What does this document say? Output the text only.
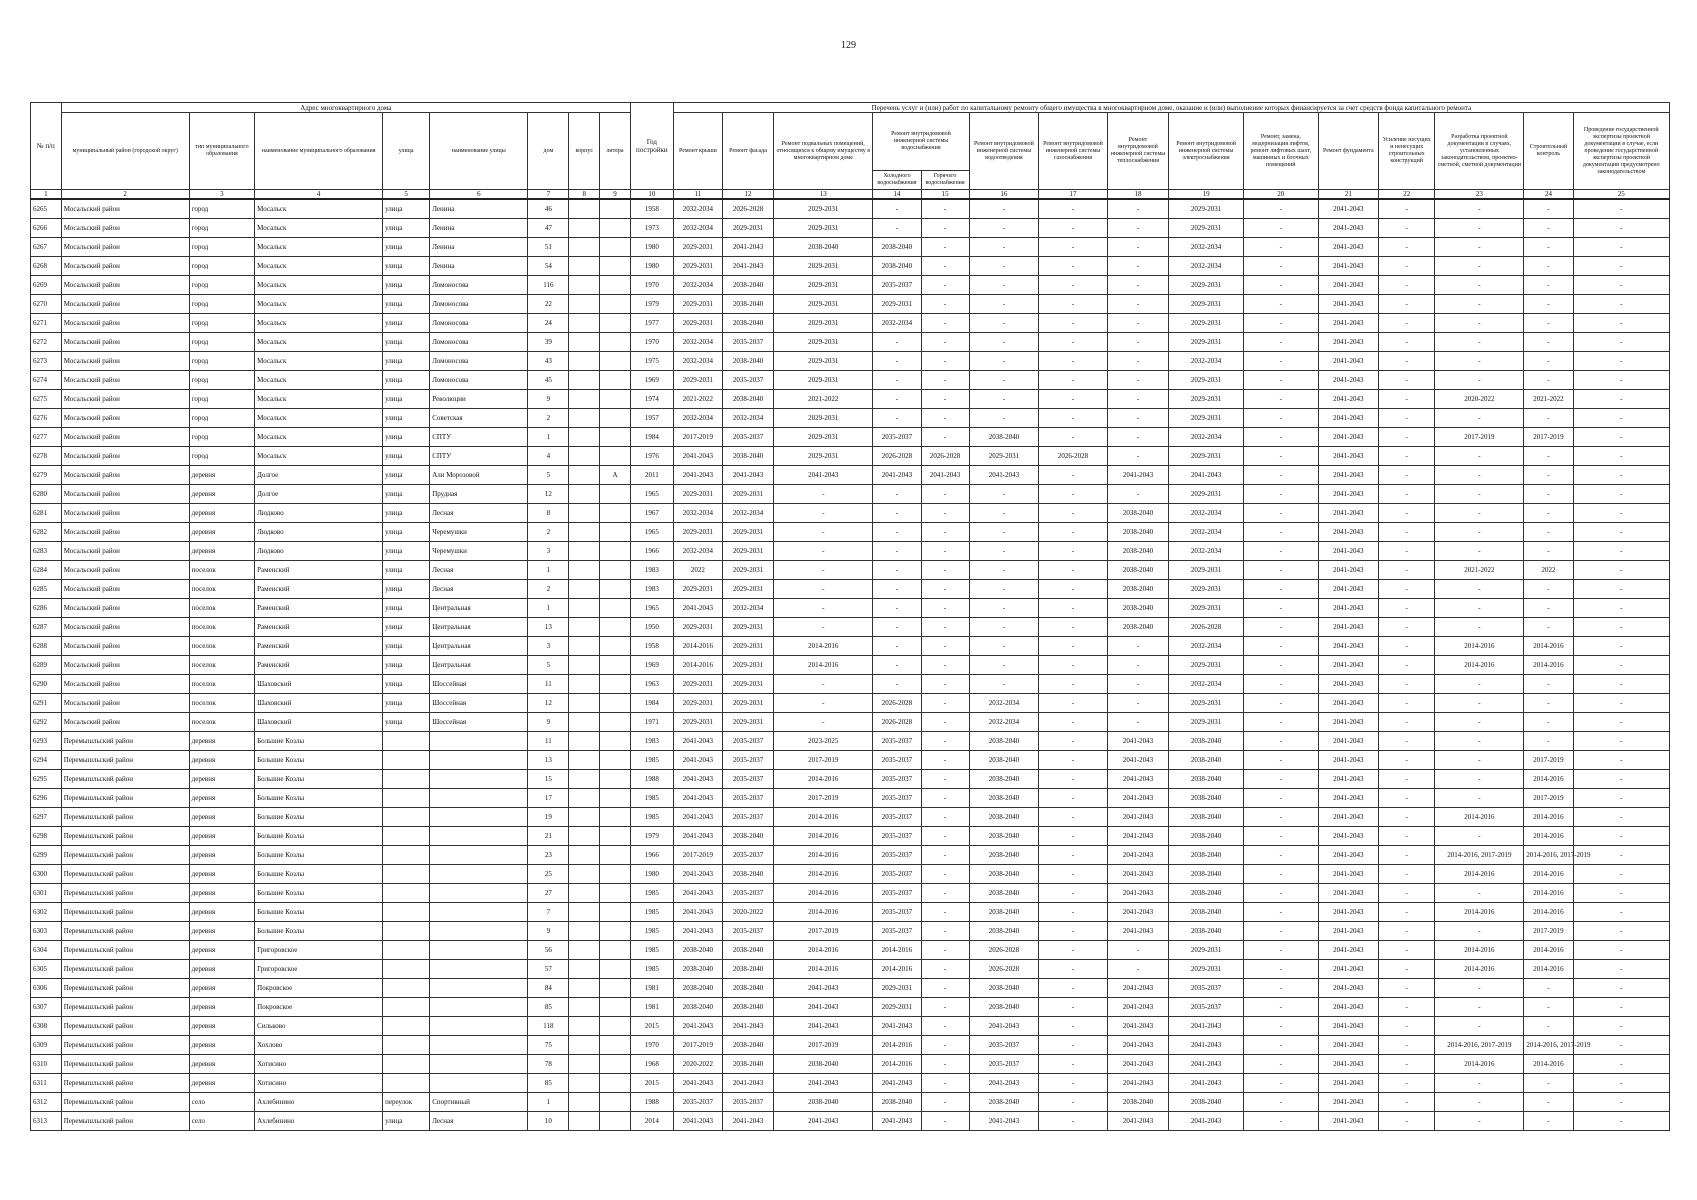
129
№ п/п	Адрес многоквартирного дома								Год постройки	Перечень услуг и (или) работ по капитальному ремонту общего имущества в многоквартирном доме, оказание и (или) выполнение которых финансируется за счет средств фонда капитального ремонта														
	муниципальный район (городской округ)	тип муниципального образования	наименование муниципального образования	улица	наименование улицы	дом	корпус	литера		Ремонт крыши	Ремонт фасада	Ремонт подвальных помещений, относящихся к общему имуществу в многоквартирном доме	Ремонт внутридомовой инженерной системы водоснабжения		Ремонт внутридомовой инженерной системы водоотведения	Ремонт внутридомовой инженерной системы газоснабжения	Ремонт внутридомовой инженерной системы теплоснабжения	Ремонт внутридомовой инженерной системы электроснабжения	Ремонт, замена, модернизация лифтов, ремонт лифтовых шахт, машинных и блочных помещений	Ремонт фундамента	Усиление несущих и ненесущих строительных конструкций	Разработка проектной документации в случаях, установленных законодательством, проектно-сметной, сметной документации	Строительный контроль	Проведение государственной экспертизы проектной документации в случае, если проведение государственной экспертизы проектной документации предусмотрено законодательством
													Холодного водоснабжения	Горячего водоснабжения										
1	2	3	4	5	6	7	8	9	10	11	12	13	14	15	16	17	18	19	20	21	22	23	24	25
6265	Мосальский район	город	Мосальск	улица	Ленина	46			1958	2032-2034	2026-2028	2029-2031	-	-	-	-	-	2029-2031	-	2041-2043	-	-	-	-
6266	Мосальский район	город	Мосальск	улица	Ленина	47			1973	2032-2034	2029-2031	2029-2031	-	-	-	-	-	2029-2031	-	2041-2043	-	-	-	-
6267	Мосальский район	город	Мосальск	улица	Ленина	51			1980	2029-2031	2041-2043	2038-2040	2038-2040	-	-	-	-	2032-2034	-	2041-2043	-	-	-	-
6268	Мосальский район	город	Мосальск	улица	Ленина	54			1980	2029-2031	2041-2043	2029-2031	2038-2040	-	-	-	-	2032-2034	-	2041-2043	-	-	-	-
6269	Мосальский район	город	Мосальск	улица	Ломоносова	116			1970	2032-2034	2038-2040	2029-2031	2035-2037	-	-	-	-	2029-2031	-	2041-2043	-	-	-	-
6270	Мосальский район	город	Мосальск	улица	Ломоносова	22			1979	2029-2031	2038-2040	2029-2031	2029-2031	-	-	-	-	2029-2031	-	2041-2043	-	-	-	-
6271	Мосальский район	город	Мосальск	улица	Ломоносова	24			1977	2029-2031	2038-2040	2029-2031	2032-2034	-	-	-	-	2029-2031	-	2041-2043	-	-	-	-
6272	Мосальский район	город	Мосальск	улица	Ломоносова	39			1970	2032-2034	2035-2037	2029-2031	-	-	-	-	-	2029-2031	-	2041-2043	-	-	-	-
6273	Мосальский район	город	Мосальск	улица	Ломоносова	43			1975	2032-2034	2038-2040	2029-2031	-	-	-	-	-	2032-2034	-	2041-2043	-	-	-	-
6274	Мосальский район	город	Мосальск	улица	Ломоносова	45			1969	2029-2031	2035-2037	2029-2031	-	-	-	-	-	2029-2031	-	2041-2043	-	-	-	-
6275	Мосальский район	город	Мосальск	улица	Революции	9			1974	2021-2022	2038-2040	2021-2022	-	-	-	-	-	2029-2031	-	2041-2043	-	2020-2022	2021-2022	-
6276	Мосальский район	город	Мосальск	улица	Советская	2			1957	2032-2034	2032-2034	2029-2031	-	-	-	-	-	2029-2031	-	2041-2043	-	-	-	-
6277	Мосальский район	город	Мосальск	улица	СПТУ	1			1984	2017-2019	2035-2037	2029-2031	2035-2037	-	2038-2040	-	-	2032-2034	-	2041-2043	-	2017-2019	2017-2019	-
6278	Мосальский район	город	Мосальск	улица	СПТУ	4			1976	2041-2043	2038-2040	2029-2031	2026-2028	2026-2028	2029-2031	2026-2028	-	2029-2031	-	2041-2043	-	-	-	-
6279	Мосальский район	деревня	Долгое	улица	Али Морозовой	5		А	2011	2041-2043	2041-2043	2041-2043	2041-2043	2041-2043	2041-2043	-	2041-2043	2041-2043	-	2041-2043	-	-	-	-
6280	Мосальский район	деревня	Долгое	улица	Прудная	12			1965	2029-2031	2029-2031	-	-	-	-	-	-	2029-2031	-	2041-2043	-	-	-	-
6281	Мосальский район	деревня	Людково	улица	Лесная	8			1967	2032-2034	2032-2034	-	-	-	-	-	2038-2040	2032-2034	-	2041-2043	-	-	-	-
6282	Мосальский район	деревня	Людково	улица	Черемушки	2			1965	2029-2031	2029-2031	-	-	-	-	-	2038-2040	2032-2034	-	2041-2043	-	-	-	-
6283	Мосальский район	деревня	Людково	улица	Черемушки	3			1966	2032-2034	2029-2031	-	-	-	-	-	2038-2040	2032-2034	-	2041-2043	-	-	-	-
6284	Мосальский район	поселок	Раменский	улица	Лесная	1			1983	2022	2029-2031	-	-	-	-	-	2038-2040	2029-2031	-	2041-2043	-	2021-2022	2022	-
6285	Мосальский район	поселок	Раменский	улица	Лесная	2			1983	2029-2031	2029-2031	-	-	-	-	-	2038-2040	2029-2031	-	2041-2043	-	-	-	-
6286	Мосальский район	поселок	Раменский	улица	Центральная	1			1965	2041-2043	2032-2034	-	-	-	-	-	2038-2040	2029-2031	-	2041-2043	-	-	-	-
6287	Мосальский район	поселок	Раменский	улица	Центральная	13			1950	2029-2031	2029-2031	-	-	-	-	-	2038-2040	2026-2028	-	2041-2043	-	-	-	-
6288	Мосальский район	поселок	Раменский	улица	Центральная	3			1958	2014-2016	2029-2031	2014-2016	-	-	-	-	-	2032-2034	-	2041-2043	-	2014-2016	2014-2016	-
6289	Мосальский район	поселок	Раменский	улица	Центральная	5			1969	2014-2016	2029-2031	2014-2016	-	-	-	-	-	2029-2031	-	2041-2043	-	2014-2016	2014-2016	-
6290	Мосальский район	поселок	Шаховский	улица	Шоссейная	11			1963	2029-2031	2029-2031	-	-	-	-	-	-	2032-2034	-	2041-2043	-	-	-	-
6291	Мосальский район	поселок	Шаховский	улица	Шоссейная	12			1984	2029-2031	2029-2031	-	2026-2028	-	2032-2034	-	-	2029-2031	-	2041-2043	-	-	-	-
6292	Мосальский район	поселок	Шаховский	улица	Шоссейная	9			1971	2029-2031	2029-2031	-	2026-2028	-	2032-2034	-	-	2029-2031	-	2041-2043	-	-	-	-
6293	Перемышльский район	деревня	Большие Козлы			11			1983	2041-2043	2035-2037	2023-2025	2035-2037	-	2038-2040	-	2041-2043	2038-2040	-	2041-2043	-	-	-	-
6294	Перемышльский район	деревня	Большие Козлы			13			1985	2041-2043	2035-2037	2017-2019	2035-2037	-	2038-2040	-	2041-2043	2038-2040	-	2041-2043	-	-	2017-2019	-
6295	Перемышльский район	деревня	Большие Козлы			15			1988	2041-2043	2035-2037	2014-2016	2035-2037	-	2038-2040	-	2041-2043	2038-2040	-	2041-2043	-	-	2014-2016	-
6296	Перемышльский район	деревня	Большие Козлы			17			1985	2041-2043	2035-2037	2017-2019	2035-2037	-	2038-2040	-	2041-2043	2038-2040	-	2041-2043	-	-	2017-2019	-
6297	Перемышльский район	деревня	Большие Козлы			19			1985	2041-2043	2035-2037	2014-2016	2035-2037	-	2038-2040	-	2041-2043	2038-2040	-	2041-2043	-	2014-2016	2014-2016	-
6298	Перемышльский район	деревня	Большие Козлы			21			1979	2041-2043	2038-2040	2014-2016	2035-2037	-	2038-2040	-	2041-2043	2038-2040	-	2041-2043	-	-	2014-2016	-
6299	Перемышльский район	деревня	Большие Козлы			23			1966	2017-2019	2035-2037	2014-2016	2035-2037	-	2038-2040	-	2041-2043	2038-2040	-	2041-2043	-	2014-2016, 2017-2019	2014-2016, 2017-2019	-
6300	Перемышльский район	деревня	Большие Козлы			25			1980	2041-2043	2038-2040	2014-2016	2035-2037	-	2038-2040	-	2041-2043	2038-2040	-	2041-2043	-	2014-2016	2014-2016	-
6301	Перемышльский район	деревня	Большие Козлы			27			1985	2041-2043	2035-2037	2014-2016	2035-2037	-	2038-2040	-	2041-2043	2038-2040	-	2041-2043	-	-	2014-2016	-
6302	Перемышльский район	деревня	Большие Козлы			7			1985	2041-2043	2020-2022	2014-2016	2035-2037	-	2038-2040	-	2041-2043	2038-2040	-	2041-2043	-	2014-2016	2014-2016	-
6303	Перемышльский район	деревня	Большие Козлы			9			1985	2041-2043	2035-2037	2017-2019	2035-2037	-	2038-2040	-	2041-2043	2038-2040	-	2041-2043	-	-	2017-2019	-
6304	Перемышльский район	деревня	Григоровское			56			1985	2038-2040	2038-2040	2014-2016	2014-2016	-	2026-2028	-	-	2029-2031	-	2041-2043	-	2014-2016	2014-2016	-
6305	Перемышльский район	деревня	Григоровское			57			1985	2038-2040	2038-2040	2014-2016	2014-2016	-	2026-2028	-	-	2029-2031	-	2041-2043	-	2014-2016	2014-2016	-
6306	Перемышльский район	деревня	Покровское			84			1981	2038-2040	2038-2040	2041-2043	2029-2031	-	2038-2040	-	2041-2043	2035-2037	-	2041-2043	-	-	-	-
6307	Перемышльский район	деревня	Покровское			85			1981	2038-2040	2038-2040	2041-2043	2029-2031	-	2038-2040	-	2041-2043	2035-2037	-	2041-2043	-	-	-	-
6308	Перемышльский район	деревня	Сильково			118			2015	2041-2043	2041-2043	2041-2043	2041-2043	-	2041-2043	-	2041-2043	2041-2043	-	2041-2043	-	-	-	-
6309	Перемышльский район	деревня	Хохлово			75			1970	2017-2019	2038-2040	2017-2019	2014-2016	-	2035-2037	-	2041-2043	2041-2043	-	2041-2043	-	2014-2016, 2017-2019	2014-2016, 2017-2019	-
6310	Перемышльский район	деревня	Хотисино			78			1968	2020-2022	2038-2040	2038-2040	2014-2016	-	2035-2037	-	2041-2043	2041-2043	-	2041-2043	-	2014-2016	2014-2016	-
6311	Перемышльский район	деревня	Хотисино			85			2015	2041-2043	2041-2043	2041-2043	2041-2043	-	2041-2043	-	2041-2043	2041-2043	-	2041-2043	-	-	-	-
6312	Перемышльский район	село	Ахлебинино	переулок	Спортивный	1			1988	2035-2037	2035-2037	2038-2040	2038-2040	-	2038-2040	-	2038-2040	2038-2040	-	2041-2043	-	-	-	-
6313	Перемышльский район	село	Ахлебинино	улица	Лесная	10			2014	2041-2043	2041-2043	2041-2043	2041-2043	-	2041-2043	-	2041-2043	2041-2043	-	2041-2043	-	-	-	-
